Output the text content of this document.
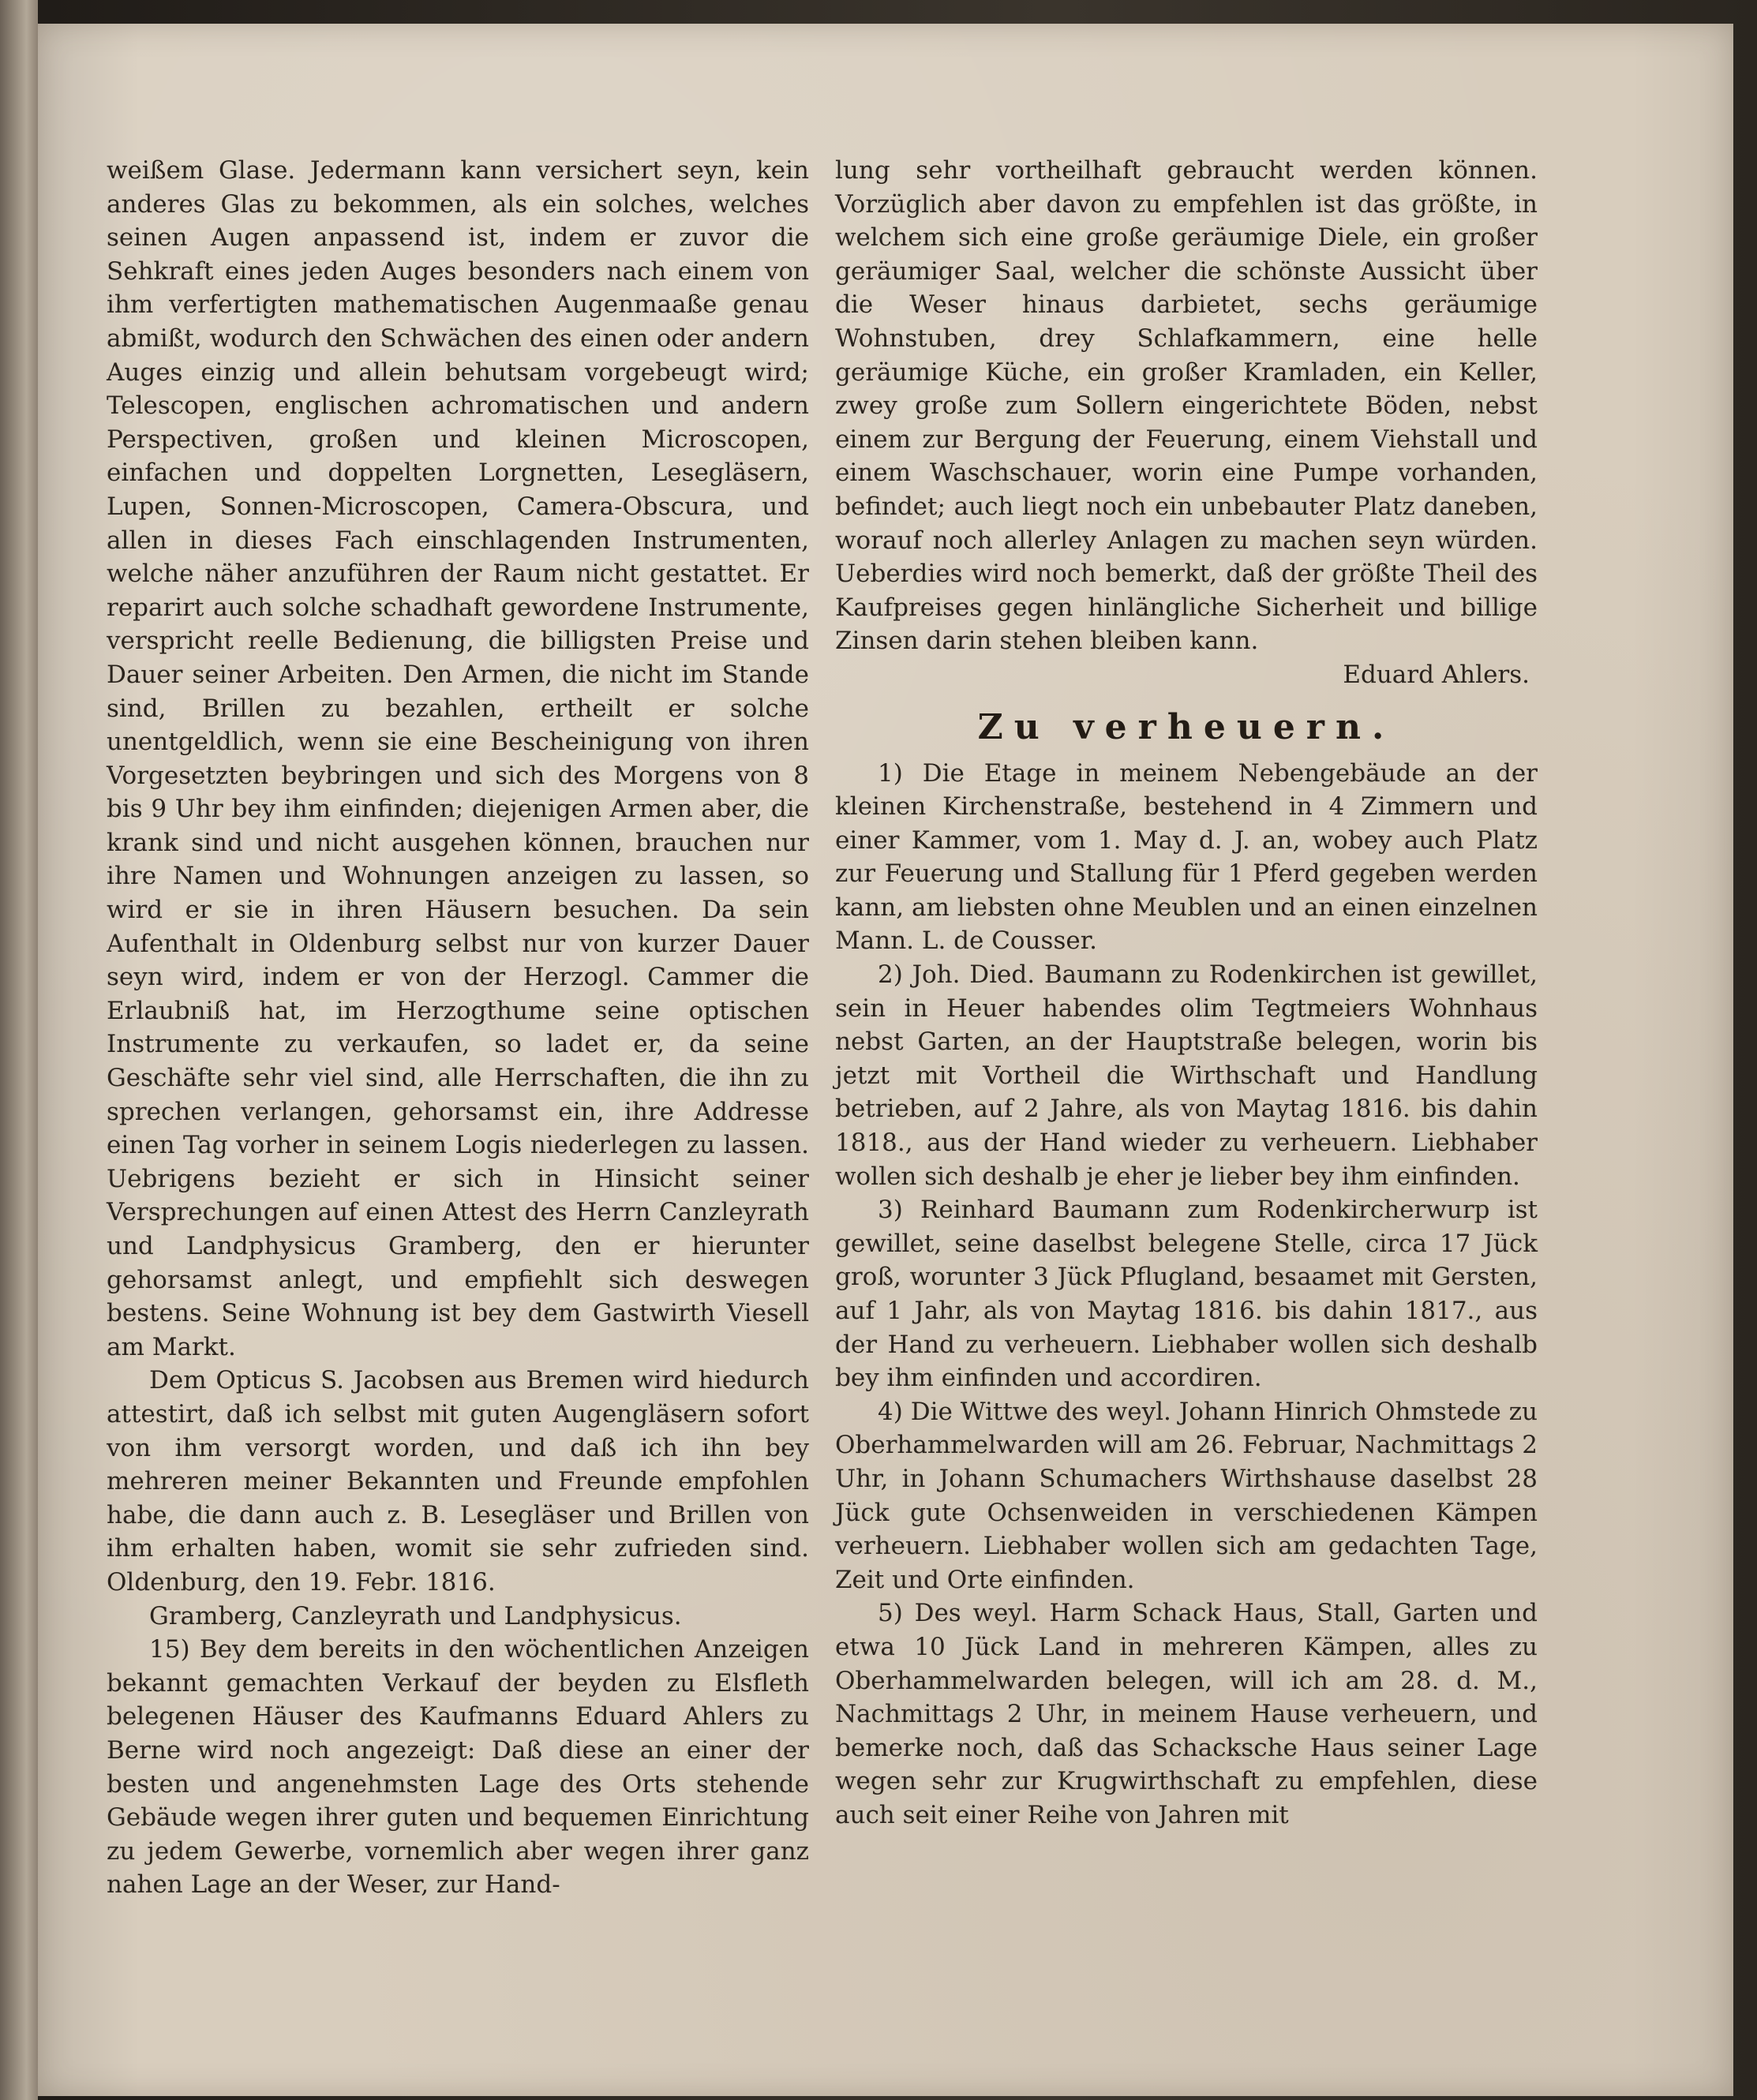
weißem Glase. Jedermann kann versichert seyn, kein anderes Glas zu bekommen, als ein solches, welches seinen Augen anpassend ist, indem er zuvor die Sehkraft eines jeden Auges besonders nach einem von ihm verfertigten mathematischen Augenmaaße genau abmißt, wodurch den Schwächen des einen oder andern Auges einzig und allein behutsam vorgebeugt wird; Telescopen, englischen achromatischen und andern Perspectiven, großen und kleinen Microscopen, einfachen und doppelten Lorgnetten, Lesegläsern, Lupen, Sonnen-Microscopen, Camera-Obscura, und allen in dieses Fach einschlagenden Instrumenten, welche näher anzuführen der Raum nicht gestattet. Er reparirt auch solche schadhaft gewordene Instrumente, verspricht reelle Bedienung, die billigsten Preise und Dauer seiner Arbeiten. Den Armen, die nicht im Stande sind, Brillen zu bezahlen, ertheilt er solche unentgeldlich, wenn sie eine Bescheinigung von ihren Vorgesetzten beybringen und sich des Morgens von 8 bis 9 Uhr bey ihm einfinden; diejenigen Armen aber, die krank sind und nicht ausgehen können, brauchen nur ihre Namen und Wohnungen anzeigen zu lassen, so wird er sie in ihren Häusern besuchen. Da sein Aufenthalt in Oldenburg selbst nur von kurzer Dauer seyn wird, indem er von der Herzogl. Cammer die Erlaubniß hat, im Herzogthume seine optischen Instrumente zu verkaufen, so ladet er, da seine Geschäfte sehr viel sind, alle Herrschaften, die ihn zu sprechen verlangen, gehorsamst ein, ihre Addresse einen Tag vorher in seinem Logis niederlegen zu lassen. Uebrigens bezieht er sich in Hinsicht seiner Versprechungen auf einen Attest des Herrn Canzleyrath und Landphysicus Gramberg, den er hierunter gehorsamst anlegt, und empfiehlt sich deswegen bestens. Seine Wohnung ist bey dem Gastwirth Viesell am Markt.

Dem Opticus S. Jacobsen aus Bremen wird hiedurch attestirt, daß ich selbst mit guten Augengläsern sofort von ihm versorgt worden, und daß ich ihn bey mehreren meiner Bekannten und Freunde empfohlen habe, die dann auch z. B. Lesegläser und Brillen von ihm erhalten haben, womit sie sehr zufrieden sind. Oldenburg, den 19. Febr. 1816.

Gramberg, Canzleyrath und Landphysicus.

15) Bey dem bereits in den wöchentlichen Anzeigen bekannt gemachten Verkauf der beyden zu Elsfleth belegenen Häuser des Kaufmanns Eduard Ahlers zu Berne wird noch angezeigt: Daß diese an einer der besten und angenehmsten Lage des Orts stehende Gebäude wegen ihrer guten und bequemen Einrichtung zu jedem Gewerbe, vornemlich aber wegen ihrer ganz nahen Lage an der Weser, zur Hand-

lung sehr vortheilhaft gebraucht werden können. Vorzüglich aber davon zu empfehlen ist das größte, in welchem sich eine große geräumige Diele, ein großer geräumiger Saal, welcher die schönste Aussicht über die Weser hinaus darbietet, sechs geräumige Wohnstuben, drey Schlafkammern, eine helle geräumige Küche, ein großer Kramladen, ein Keller, zwey große zum Sollern eingerichtete Böden, nebst einem zur Bergung der Feuerung, einem Viehstall und einem Waschschauer, worin eine Pumpe vorhanden, befindet; auch liegt noch ein unbebauter Platz daneben, worauf noch allerley Anlagen zu machen seyn würden. Ueberdies wird noch bemerkt, daß der größte Theil des Kaufpreises gegen hinlängliche Sicherheit und billige Zinsen darin stehen bleiben kann.

Eduard Ahlers.

Zu verheuern.

1) Die Etage in meinem Nebengebäude an der kleinen Kirchenstraße, bestehend in 4 Zimmern und einer Kammer, vom 1. May d. J. an, wobey auch Platz zur Feuerung und Stallung für 1 Pferd gegeben werden kann, am liebsten ohne Meublen und an einen einzelnen Mann. L. de Cousser.

2) Joh. Died. Baumann zu Rodenkirchen ist gewillet, sein in Heuer habendes olim Tegtmeiers Wohnhaus nebst Garten, an der Hauptstraße belegen, worin bis jetzt mit Vortheil die Wirthschaft und Handlung betrieben, auf 2 Jahre, als von Maytag 1816. bis dahin 1818., aus der Hand wieder zu verheuern. Liebhaber wollen sich deshalb je eher je lieber bey ihm einfinden.

3) Reinhard Baumann zum Rodenkircherwurp ist gewillet, seine daselbst belegene Stelle, circa 17 Jück groß, worunter 3 Jück Pflugland, besaamet mit Gersten, auf 1 Jahr, als von Maytag 1816. bis dahin 1817., aus der Hand zu verheuern. Liebhaber wollen sich deshalb bey ihm einfinden und accordiren.

4) Die Wittwe des weyl. Johann Hinrich Ohmstede zu Oberhammelwarden will am 26. Februar, Nachmittags 2 Uhr, in Johann Schumachers Wirthshause daselbst 28 Jück gute Ochsenweiden in verschiedenen Kämpen verheuern. Liebhaber wollen sich am gedachten Tage, Zeit und Orte einfinden.

5) Des weyl. Harm Schack Haus, Stall, Garten und etwa 10 Jück Land in mehreren Kämpen, alles zu Oberhammelwarden belegen, will ich am 28. d. M., Nachmittags 2 Uhr, in meinem Hause verheuern, und bemerke noch, daß das Schacksche Haus seiner Lage wegen sehr zur Krugwirthschaft zu empfehlen, diese auch seit einer Reihe von Jahren mit
